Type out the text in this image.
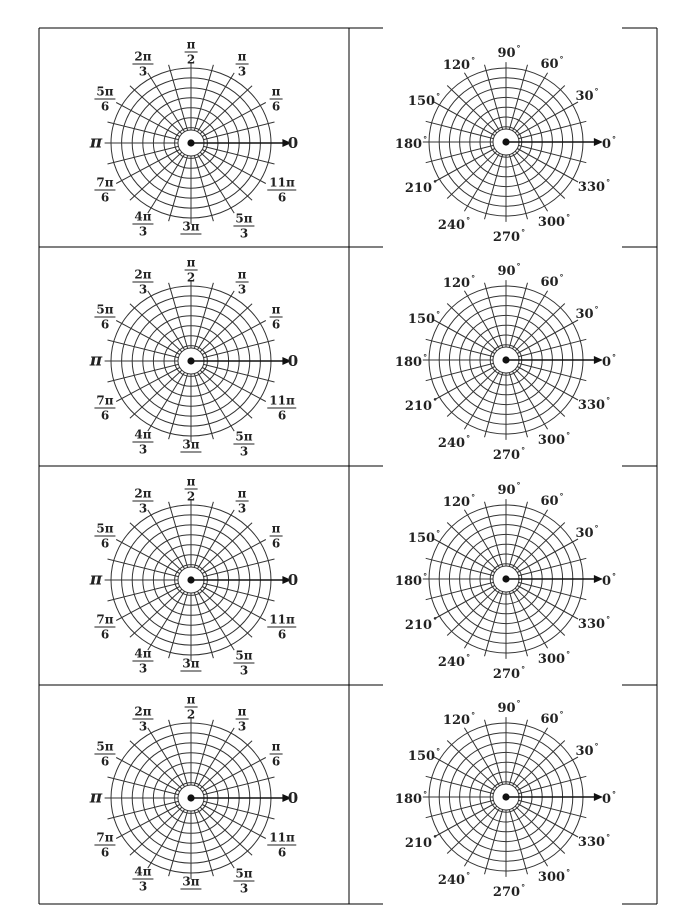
π
2	π
3
2π
3
π
6
5π
6
π	0
7π
6
11π
6
4π
3
5π
3
3π
90°
120°	60°
150°	30°
180°	0°
210°	330°
240°	300°
270°
π
2	π
3
2π
3
π
6
5π
6
π	0
7π
6
11π
6
4π
3
5π
3
3π
90°
120°	60°
150°	30°
180°	0°
210°	330°
240°	300°
270°
π
2	π
3
2π
3
π
6
5π
6
π	0
7π
6
11π
6
4π
3
5π
3
3π
90°
120°	60°
150°	30°
180°	0°
210°	330°
240°	300°
270°
π
2	π
3
2π
3
π
6
5π
6
π	0
7π
6
11π
6
4π
3
5π
3
3π
90°
120°	60°
150°	30°
180°	0°
210°	330°
240°	300°
270°
